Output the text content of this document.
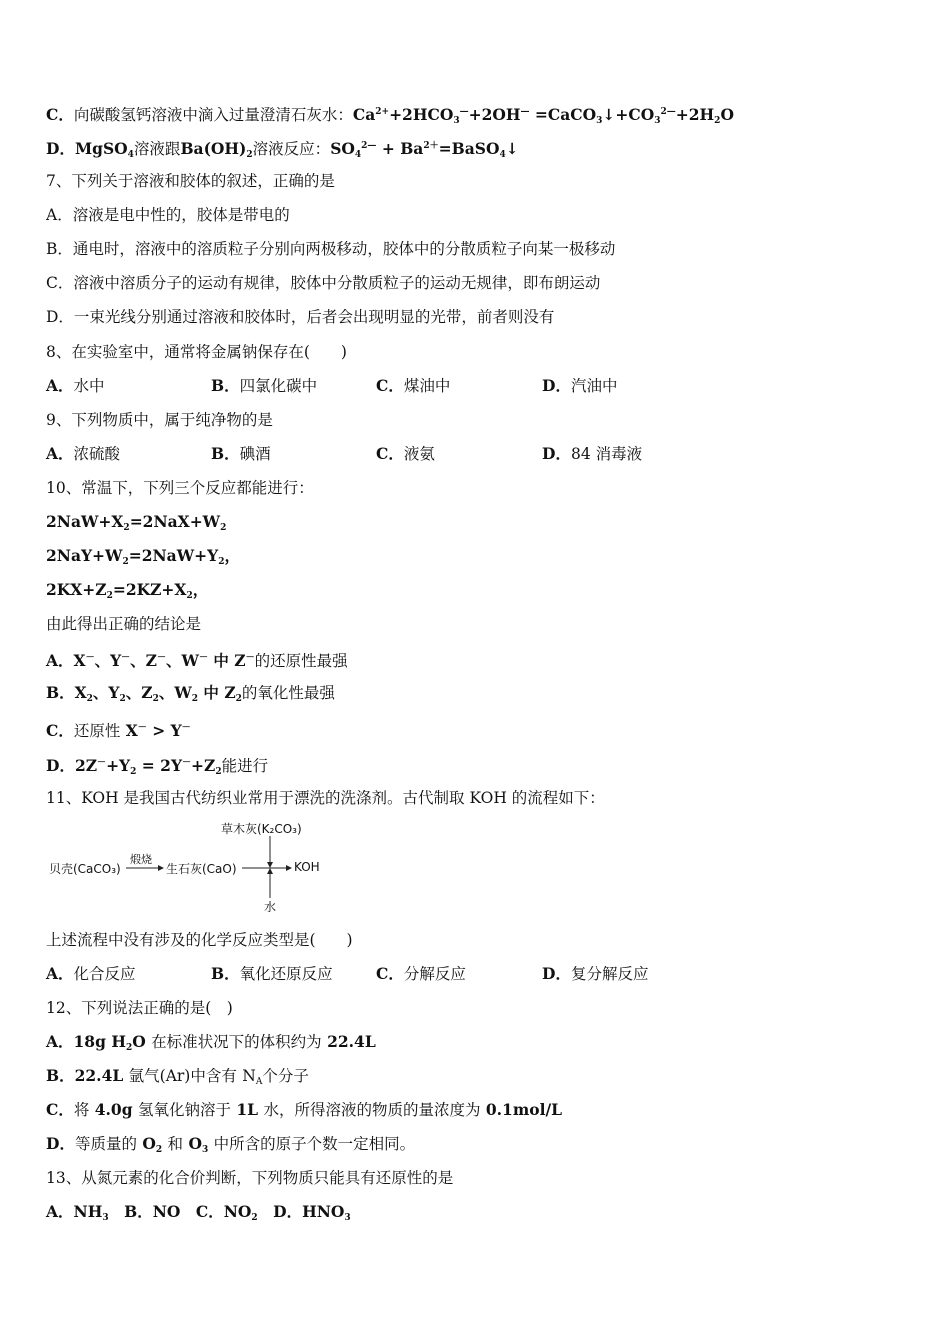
C．向碳酸氢钙溶液中滴入过量澄清石灰水：$Ca^{2+}+2HCO_3^—+2OH^—$ $=CaCO_3↓+CO_3^{2—}+2H_2O$
D．MgSO$_4$溶液跟$Ba(OH)_2$溶液反应：$SO_4^{2—}$ + $Ba^{2+}=BaSO_4↓$
7、下列关于溶液和胶体的叙述，正确的是
A．溶液是电中性的，胶体是带电的
B．通电时，溶液中的溶质粒子分别向两极移动，胶体中的分散质粒子向某一极移动
C．溶液中溶质分子的运动有规律，胶体中分散质粒子的运动无规律，即布朗运动
D．一束光线分别通过溶液和胶体时，后者会出现明显的光带，前者则没有
8、在实验室中，通常将金属钠保存在(　　)
A．水中	B．四氯化碳中	C．煤油中	D．汽油中
9、下列物质中，属于纯净物的是
A．浓硫酸	B．碘酒	C．液氨	D．84 消毒液
10、常温下，下列三个反应都能进行：
$2NaW+X_2=2NaX+W_2$
$2NaY+W_2=2NaW+Y_2$，
$2KX+Z_2=2KZ+X_2$，
由此得出正确的结论是
A．X－、Y－、Z－、W－ 中 Z－的还原性最强
B．$X_2$、$Y_2$、$Z_2$、$W_2$ 中 $Z_2$的氧化性最强
C．还原性 X－ > Y－
D．$2Z^-+Y_2 = 2Y^-+Z_2$能进行
11、KOH 是我国古代纺织业常用于漂洗的洗涤剂。古代制取 KOH 的流程如下：
贝壳(CaCO₃)
煅烧
生石灰(CaO)
草木灰(K₂CO₃)
水
KOH
上述流程中没有涉及的化学反应类型是(　　)
A．化合反应	B．氧化还原反应	C．分解反应	D．复分解反应
12、下列说法正确的是(　)
A．18g $H_2O$ 在标准状况下的体积约为 22.4L
B．22.4L 氩气(Ar)中含有 $N_A$个分子
C．将 4.0g 氢氧化钠溶于 1L 水，所得溶液的物质的量浓度为 0.1mol/L
D．等质量的 $O_2$ 和 $O_3$ 中所含的原子个数一定相同。
13、从氮元素的化合价判断，下列物质只能具有还原性的是
A．$NH_3$　B．NO　C．$NO_2$　D．$HNO_3$
